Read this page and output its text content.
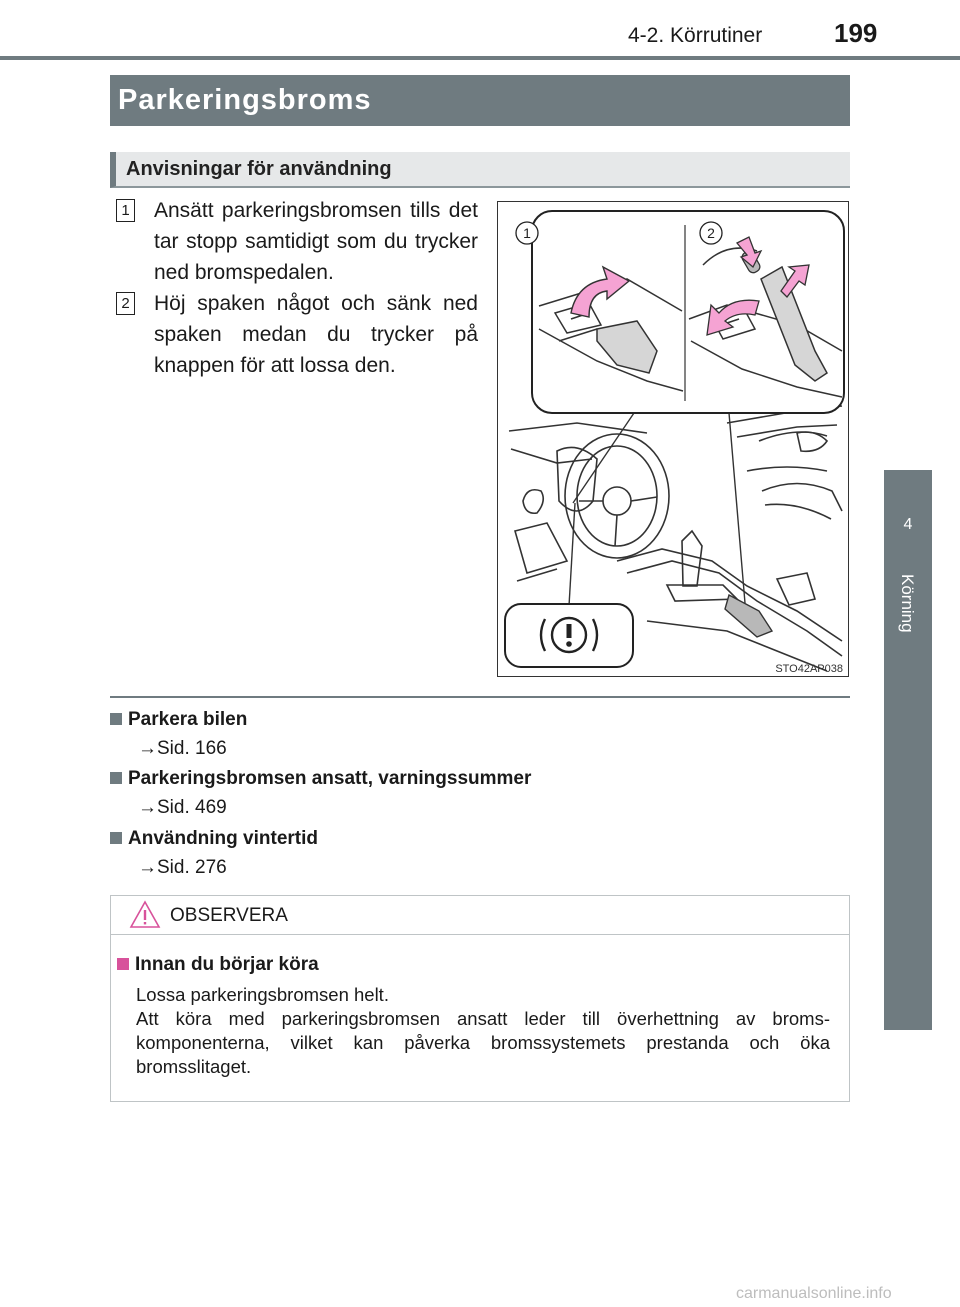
4-2. Körrutiner	199
4
Körning
Parkeringsbroms
Anvisningar för användning
1 Ansätt parkeringsbromsen tills det tar stopp samtidigt som du trycker ned bromspedalen.
2 Höj spaken något och sänk ned spaken medan du trycker på knappen för att lossa den.
1	2
STO42AP038
Parkera bilen
→Sid. 166
Parkeringsbromsen ansatt, varningssummer
→Sid. 469
Användning vintertid
→Sid. 276
OBSERVERA
Innan du börjar köra

Lossa parkeringsbromsen helt.

Att köra med parkeringsbromsen ansatt leder till överhettning av broms-komponenterna, vilket kan påverka bromssystemets prestanda och öka bromsslitaget.

carmanualsonline.info
